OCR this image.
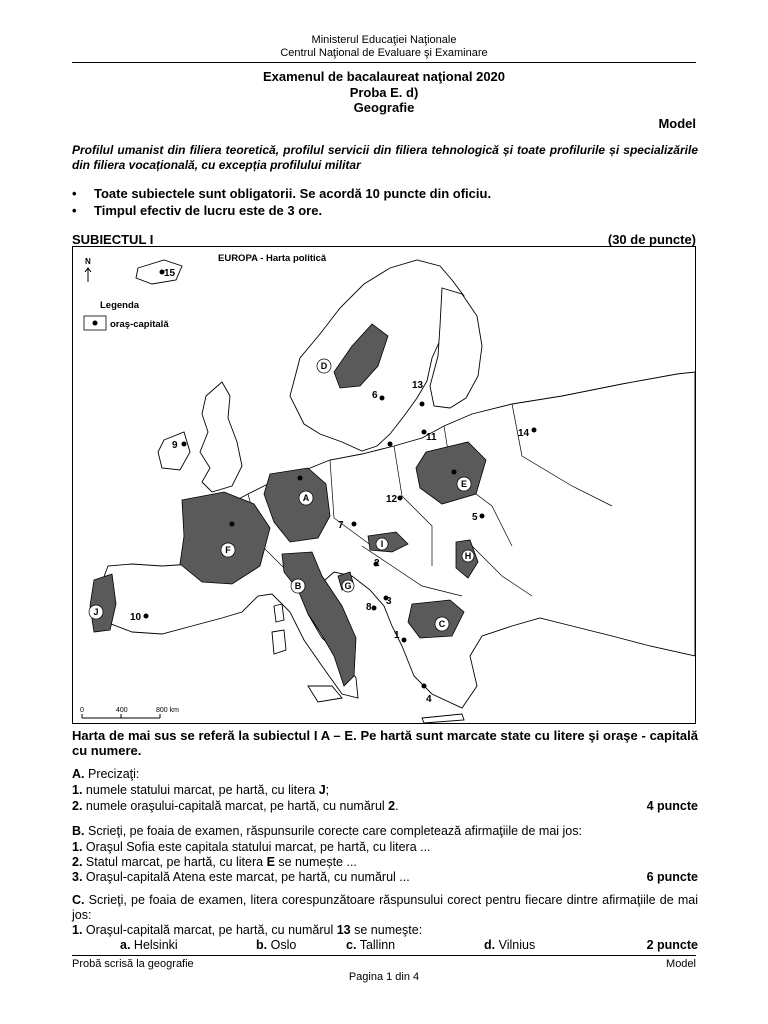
Ministerul Educaţiei Naţionale
Centrul Naţional de Evaluare şi Examinare
Examenul de bacalaureat naţional 2020
Proba E. d)
Geografie
Model
Profilul umanist din filiera teoretică, profilul servicii din filiera tehnologică și toate profilurile și specializările din filiera vocațională, cu excepția profilului militar
• Toate subiectele sunt obligatorii. Se acordă 10 puncte din oficiu.
• Timpul efectiv de lucru este de 3 ore.
SUBIECTUL I	(30 de puncte)
1
2
3
4
5
6
7
8
9
10
11
12
13
14
15
A
B
C
D
E
F
G
H
I
J
EUROPA - Harta politică
N
Legenda
oraş-capitală
0	400	800 km
Harta de mai sus se referă la subiectul I A – E. Pe hartă sunt marcate state cu litere şi oraşe - capitală cu numere.
A. Precizaţi:
1. numele statului marcat, pe hartă, cu litera J;
2. numele oraşului-capitală marcat, pe hartă, cu numărul 2.	4 puncte
B. Scrieţi, pe foaia de examen, răspunsurile corecte care completează afirmaţiile de mai jos:
1. Oraşul Sofia este capitala statului marcat, pe hartă, cu litera ...
2. Statul marcat, pe hartă, cu litera E se numește ...
3. Oraşul-capitală Atena este marcat, pe hartă, cu numărul ...	6 puncte
C. Scrieţi, pe foaia de examen, litera corespunzătoare răspunsului corect pentru fiecare dintre afirmaţiile de mai jos:
1. Oraşul-capitală marcat, pe hartă, cu numărul 13 se numeşte:
a. Helsinki	b. Oslo	c. Tallinn	d. Vilnius	2 puncte
Probă scrisă la geografie	Model
Pagina 1 din 4
